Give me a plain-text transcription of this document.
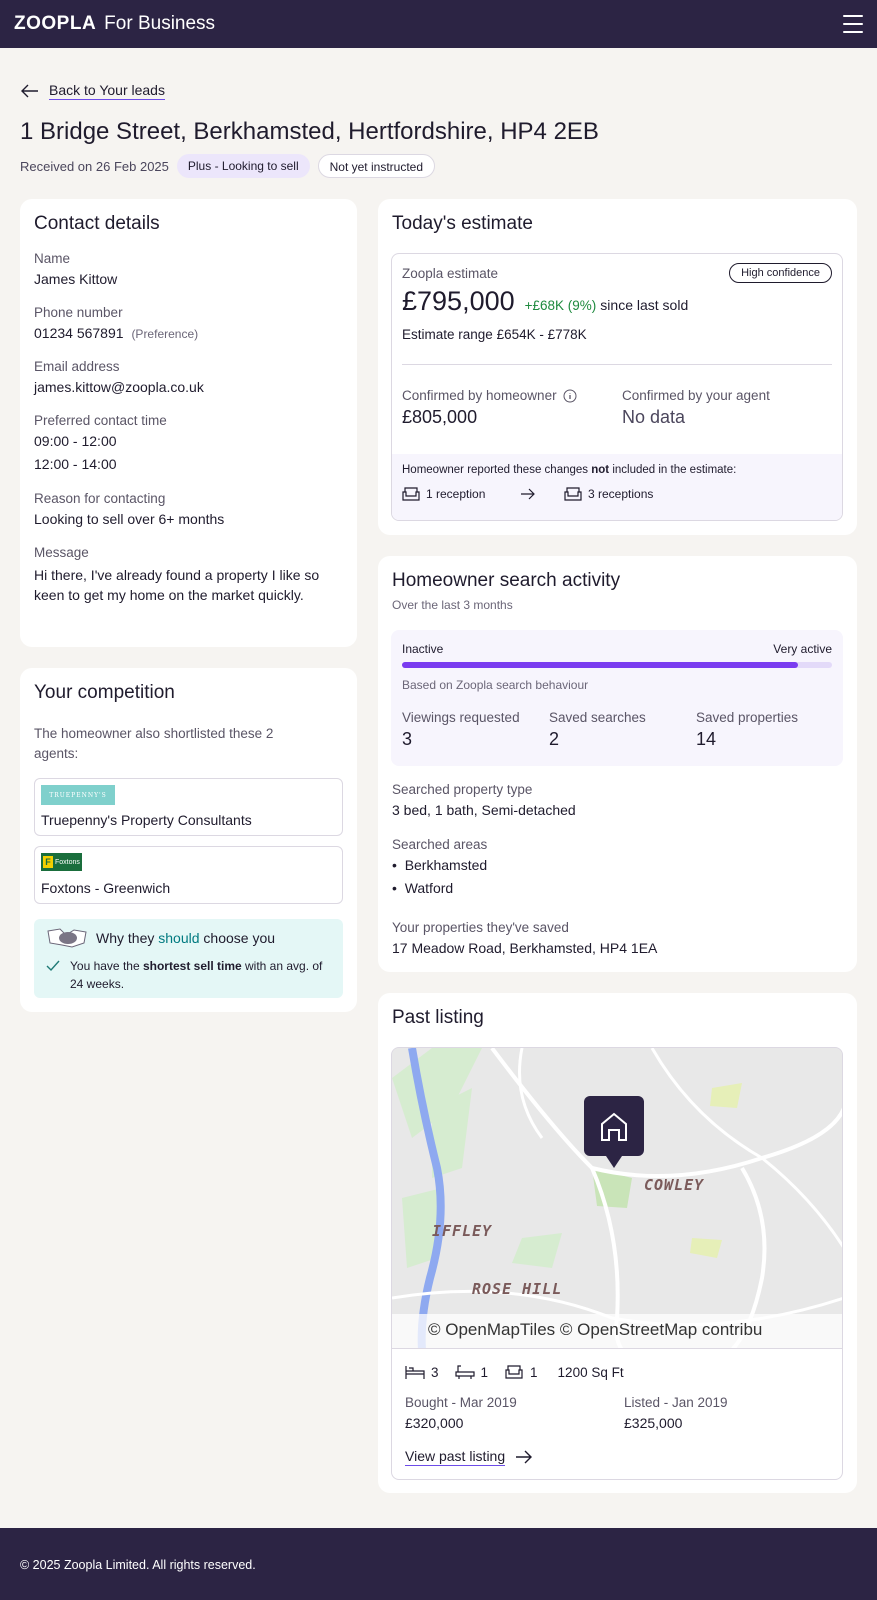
ZOOPLA For Business
Back to Your leads
1 Bridge Street, Berkhamsted, Hertfordshire, HP4 2EB
Received on 26 Feb 2025	Plus - Looking to sell	Not yet instructed
Contact details
Name
James Kittow
Phone number
01234 567891 (Preference)
Email address
james.kittow@zoopla.co.uk
Preferred contact time
09:00 - 12:00
12:00 - 14:00
Reason for contacting
Looking to sell over 6+ months
Message
Hi there, I've already found a property I like so keen to get my home on the market quickly.
Your competition
The homeowner also shortlisted these 2 agents:
TRUEPENNY'S
Truepenny's Property Consultants
F Foxtons
Foxtons - Greenwich
Why they should choose you
You have the shortest sell time with an avg. of 24 weeks.
Today's estimate
Zoopla estimate	High confidence
£795,000 +£68K (9%) since last sold
Estimate range £654K - £778K
Confirmed by homeowner
£805,000
Confirmed by your agent
No data
Homeowner reported these changes not included in the estimate:
1 reception	3 receptions
Homeowner search activity
Over the last 3 months
Inactive	Very active
Based on Zoopla search behaviour
Viewings requested
3
Saved searches
2
Saved properties
14
Searched property type
3 bed, 1 bath, Semi-detached
Searched areas
•  Berkhamsted
•  Watford
Your properties they've saved
17 Meadow Road, Berkhamsted, HP4 1EA
Past listing
COWLEY
IFFLEY
ROSE HILL
© OpenMapTiles © OpenStreetMap contribu
3	1	1 1200 Sq Ft
Bought - Mar 2019
£320,000
Listed - Jan 2019
£325,000
View past listing
© 2025 Zoopla Limited. All rights reserved.
